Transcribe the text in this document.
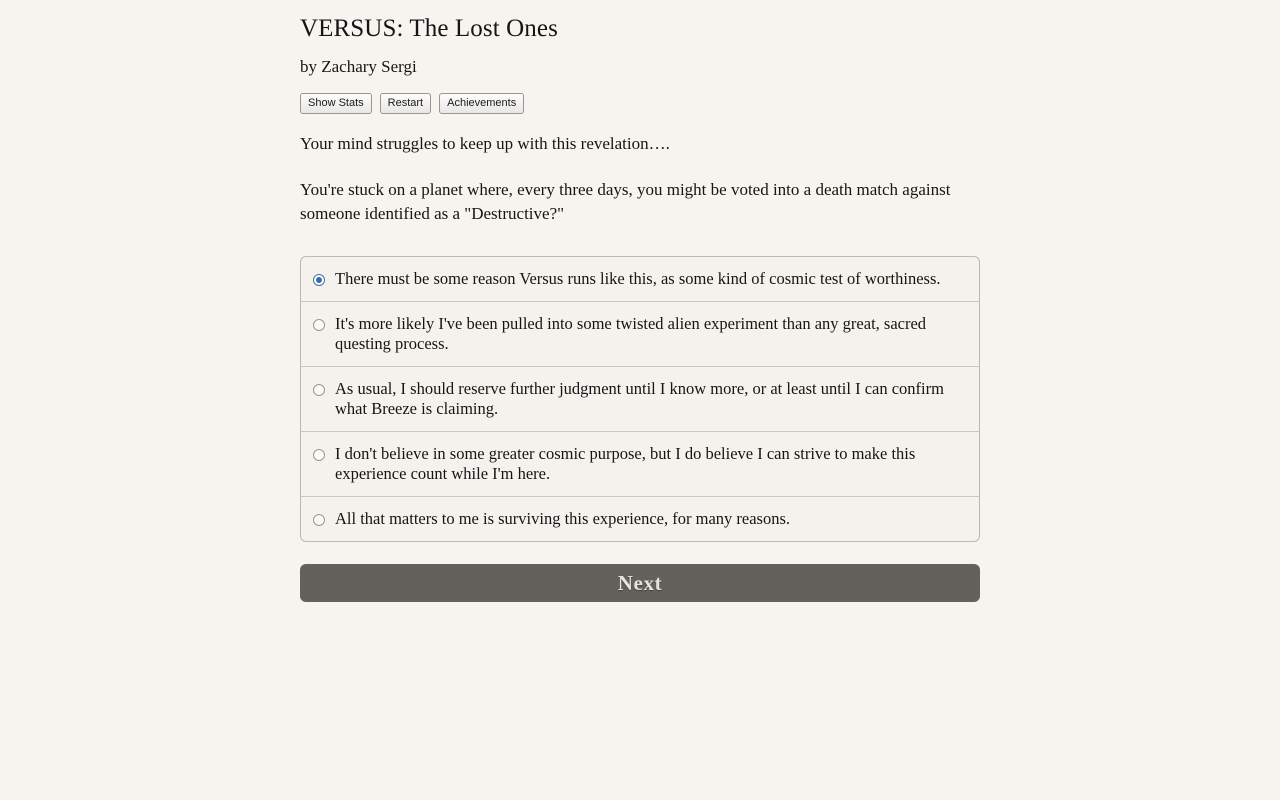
VERSUS: The Lost Ones
by Zachary Sergi
Show Stats	Restart	Achievements

Your mind struggles to keep up with this revelation….

You're stuck on a planet where, every three days, you might be voted into a death match against someone identified as a "Destructive?"

There must be some reason Versus runs like this, as some kind of cosmic test of worthiness.
It's more likely I've been pulled into some twisted alien experiment than any great, sacred questing process.
As usual, I should reserve further judgment until I know more, or at least until I can confirm what Breeze is claiming.
I don't believe in some greater cosmic purpose, but I do believe I can strive to make this experience count while I'm here.
All that matters to me is surviving this experience, for many reasons.
Next
